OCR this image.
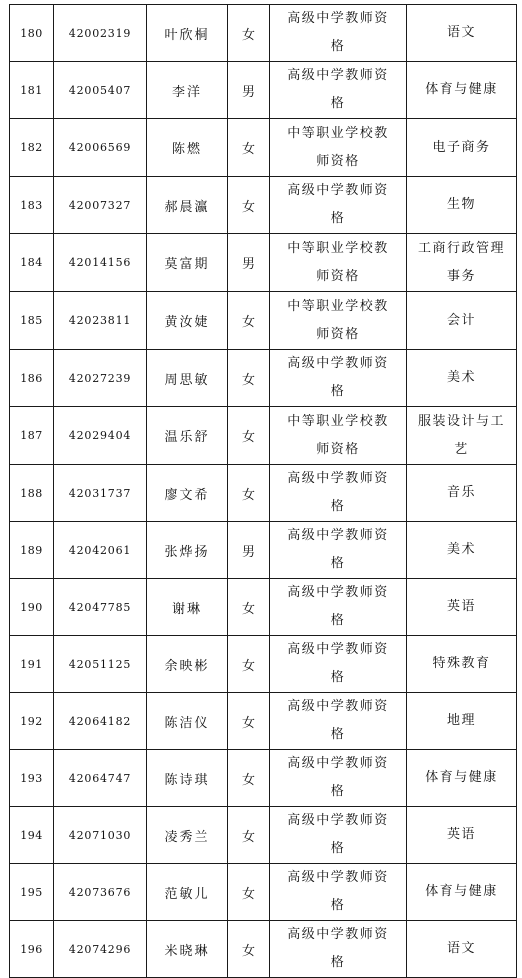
180	42002319	叶欣桐	女	高级中学教师资格	语文
181	42005407	李洋	男	高级中学教师资格	体育与健康
182	42006569	陈燃	女	中等职业学校教师资格	电子商务
183	42007327	郝晨瀛	女	高级中学教师资格	生物
184	42014156	莫富期	男	中等职业学校教师资格	工商行政管理事务
185	42023811	黄汝婕	女	中等职业学校教师资格	会计
186	42027239	周思敏	女	高级中学教师资格	美术
187	42029404	温乐舒	女	中等职业学校教师资格	服装设计与工艺
188	42031737	廖文希	女	高级中学教师资格	音乐
189	42042061	张烨扬	男	高级中学教师资格	美术
190	42047785	谢琳	女	高级中学教师资格	英语
191	42051125	余映彬	女	高级中学教师资格	特殊教育
192	42064182	陈洁仪	女	高级中学教师资格	地理
193	42064747	陈诗琪	女	高级中学教师资格	体育与健康
194	42071030	凌秀兰	女	高级中学教师资格	英语
195	42073676	范敏儿	女	高级中学教师资格	体育与健康
196	42074296	米晓琳	女	高级中学教师资格	语文
